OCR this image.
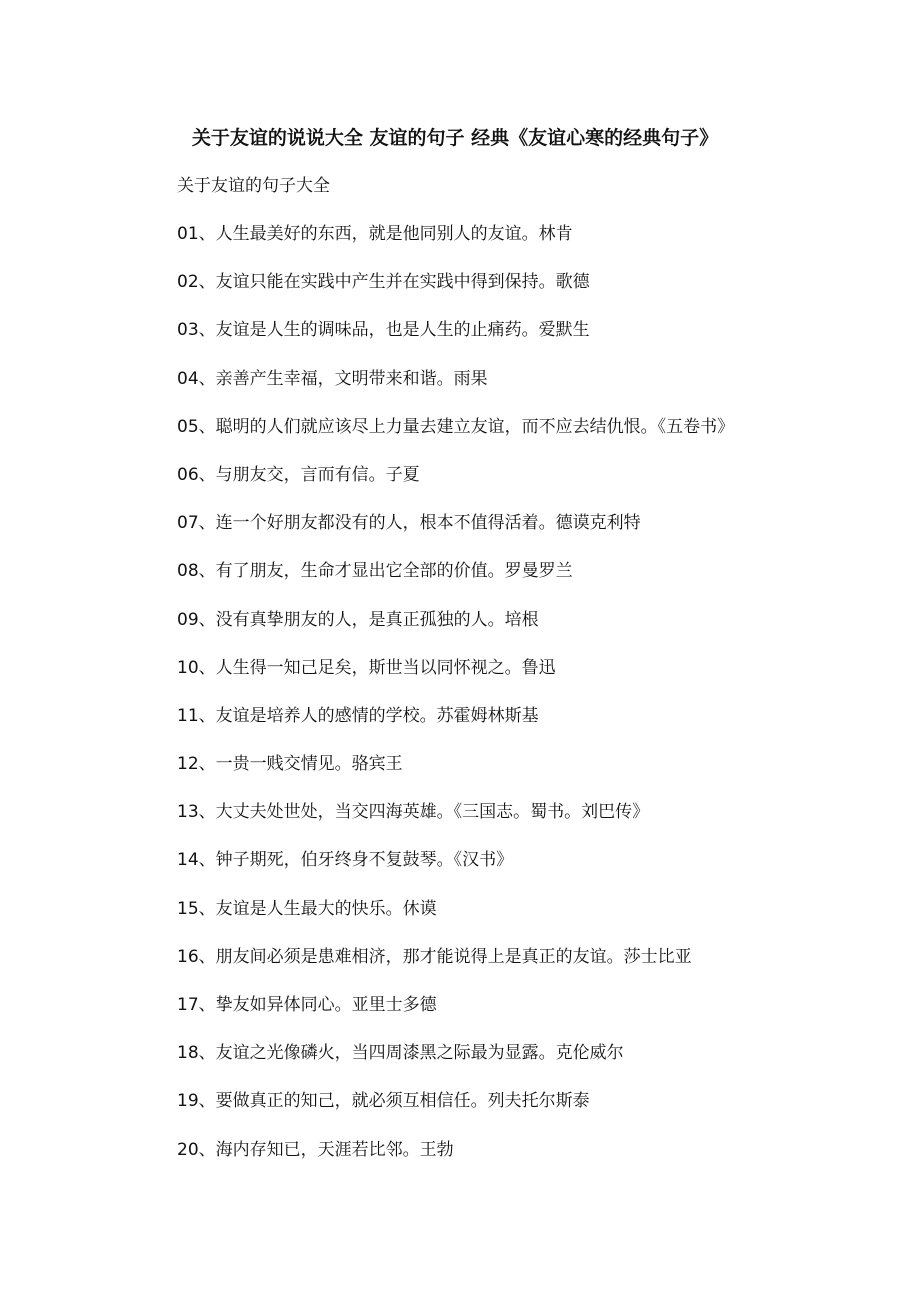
关于友谊的说说大全 友谊的句子 经典《友谊心寒的经典句子》
关于友谊的句子大全
01、人生最美好的东西，就是他同别人的友谊。林肯
02、友谊只能在实践中产生并在实践中得到保持。歌德
03、友谊是人生的调味品，也是人生的止痛药。爱默生
04、亲善产生幸福，文明带来和谐。雨果
05、聪明的人们就应该尽上力量去建立友谊，而不应去结仇恨。《五卷书》
06、与朋友交，言而有信。子夏
07、连一个好朋友都没有的人，根本不值得活着。德谟克利特
08、有了朋友，生命才显出它全部的价值。罗曼罗兰
09、没有真挚朋友的人，是真正孤独的人。培根
10、人生得一知己足矣，斯世当以同怀视之。鲁迅
11、友谊是培养人的感情的学校。苏霍姆林斯基
12、一贵一贱交情见。骆宾王
13、大丈夫处世处，当交四海英雄。《三国志。蜀书。刘巴传》
14、钟子期死，伯牙终身不复鼓琴。《汉书》
15、友谊是人生最大的快乐。休谟
16、朋友间必须是患难相济，那才能说得上是真正的友谊。莎士比亚
17、挚友如异体同心。亚里士多德
18、友谊之光像磷火，当四周漆黑之际最为显露。克伦威尔
19、要做真正的知己，就必须互相信任。列夫托尔斯泰
20、海内存知已，天涯若比邻。王勃
